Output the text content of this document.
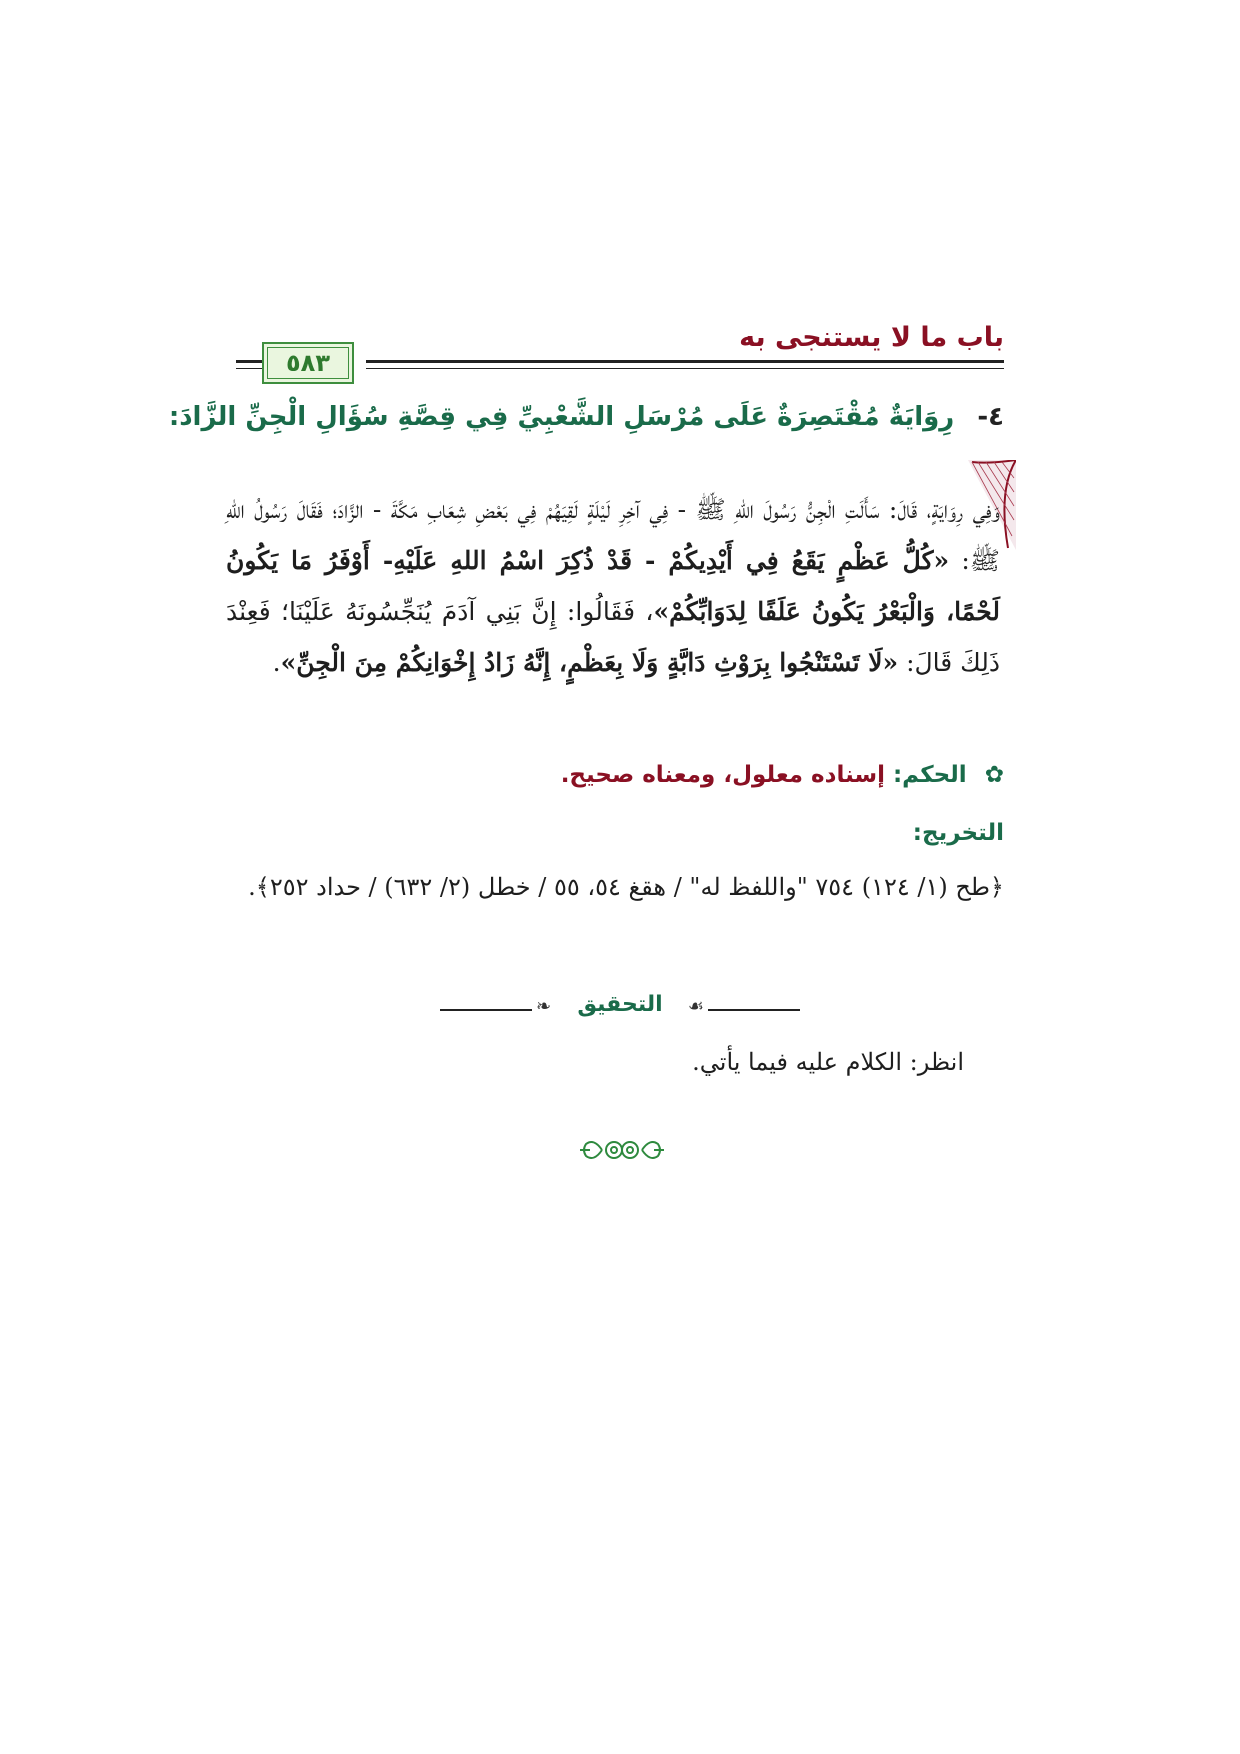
باب ما لا يستنجى به
٥٨٣
٤- رِوَايَةٌ مُقْتَصِرَةٌ عَلَى مُرْسَلِ الشَّعْبِيِّ فِي قِصَّةِ سُؤَالِ الْجِنِّ الزَّادَ:
وَفِي رِوَايَةٍ، قَالَ: سَأَلَتِ الْجِنُّ رَسُولَ اللهِ ﷺ - فِي آخِرِ لَيْلَةٍ لَقِيَهُمْ فِي بَعْضِ شِعَابِ مَكَّةَ - الزَّادَ؛ فَقَالَ رَسُولُ اللهِ ﷺ: «كُلُّ عَظْمٍ يَقَعُ فِي أَيْدِيكُمْ - قَدْ ذُكِرَ اسْمُ اللهِ عَلَيْهِ- أَوْفَرُ مَا يَكُونُ لَحْمًا، وَالْبَعْرُ يَكُونُ عَلَفًا لِدَوَابِّكُمْ»، فَقَالُوا: إِنَّ بَنِي آدَمَ يُنَجِّسُونَهُ عَلَيْنَا؛ فَعِنْدَ ذَلِكَ قَالَ: «لَا تَسْتَنْجُوا بِرَوْثِ دَابَّةٍ وَلَا بِعَظْمٍ، إِنَّهُ زَادُ إِخْوَانِكُمْ مِنَ الْجِنِّ».
✿ الحكم: إسناده معلول، ومعناه صحيح.
التخريج:
﴿طح (١/ ١٢٤) ٧٥٤ "واللفظ له" / هقغ ٥٤، ٥٥ / خطل (٢/ ٦٣٢) / حداد ٢٥٢﴾.
❧	☙
التحقيق
انظر: الكلام عليه فيما يأتي.
